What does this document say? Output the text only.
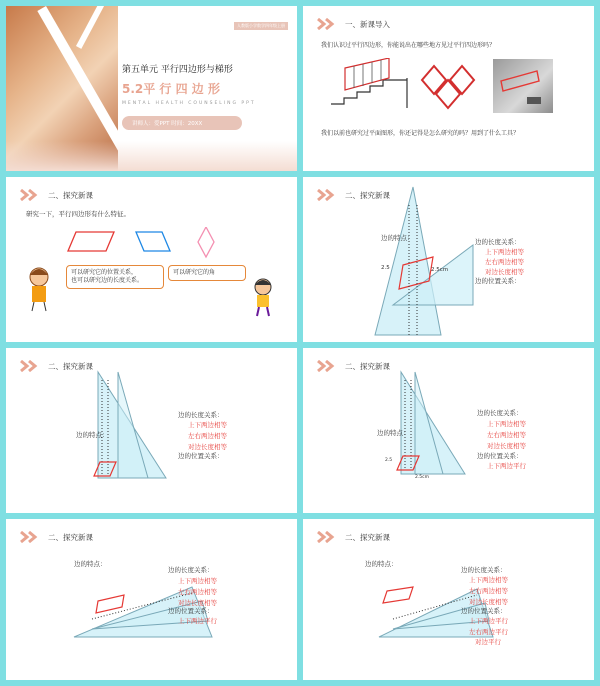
人教版小学数学四年级上册
第五单元 平行四边形与梯形
5.2平 行 四 边 形
MENTAL HEALTH COUNSELING PPT
讲师人：爱PPT 时间：20XX
一、新课导入
我们认识过平行四边形，你能说出在哪些地方见过平行四边形吗？
我们以前也研究过平面图形，你还记得是怎么研究的吗？用到了什么工具？
二、探究新课
研究一下，平行四边形有什么特征。
可以研究它的位置关系，
也可以研究边的长度关系。
可以研究它的角
二、探究新课
边的特点：
2.5	2.5cm
边的长度关系：
上下两边相等
左右两边相等
对边长度相等
边的位置关系：
二、探究新课
边的特点：
边的长度关系：
上下两边相等
左右两边相等
对边长度相等
边的位置关系：
二、探究新课
边的特点：
2.5
2.5cm
边的长度关系：
上下两边相等
左右两边相等
对边长度相等
边的位置关系：
上下两边平行
二、探究新课
边的特点：
边的长度关系：
上下两边相等
左右两边相等
对边长度相等
边的位置关系：
上下两边平行
二、探究新课
边的特点：
边的长度关系：
上下两边相等
左右两边相等
对边长度相等
边的位置关系：
上下两边平行
左右两边平行
对边平行
